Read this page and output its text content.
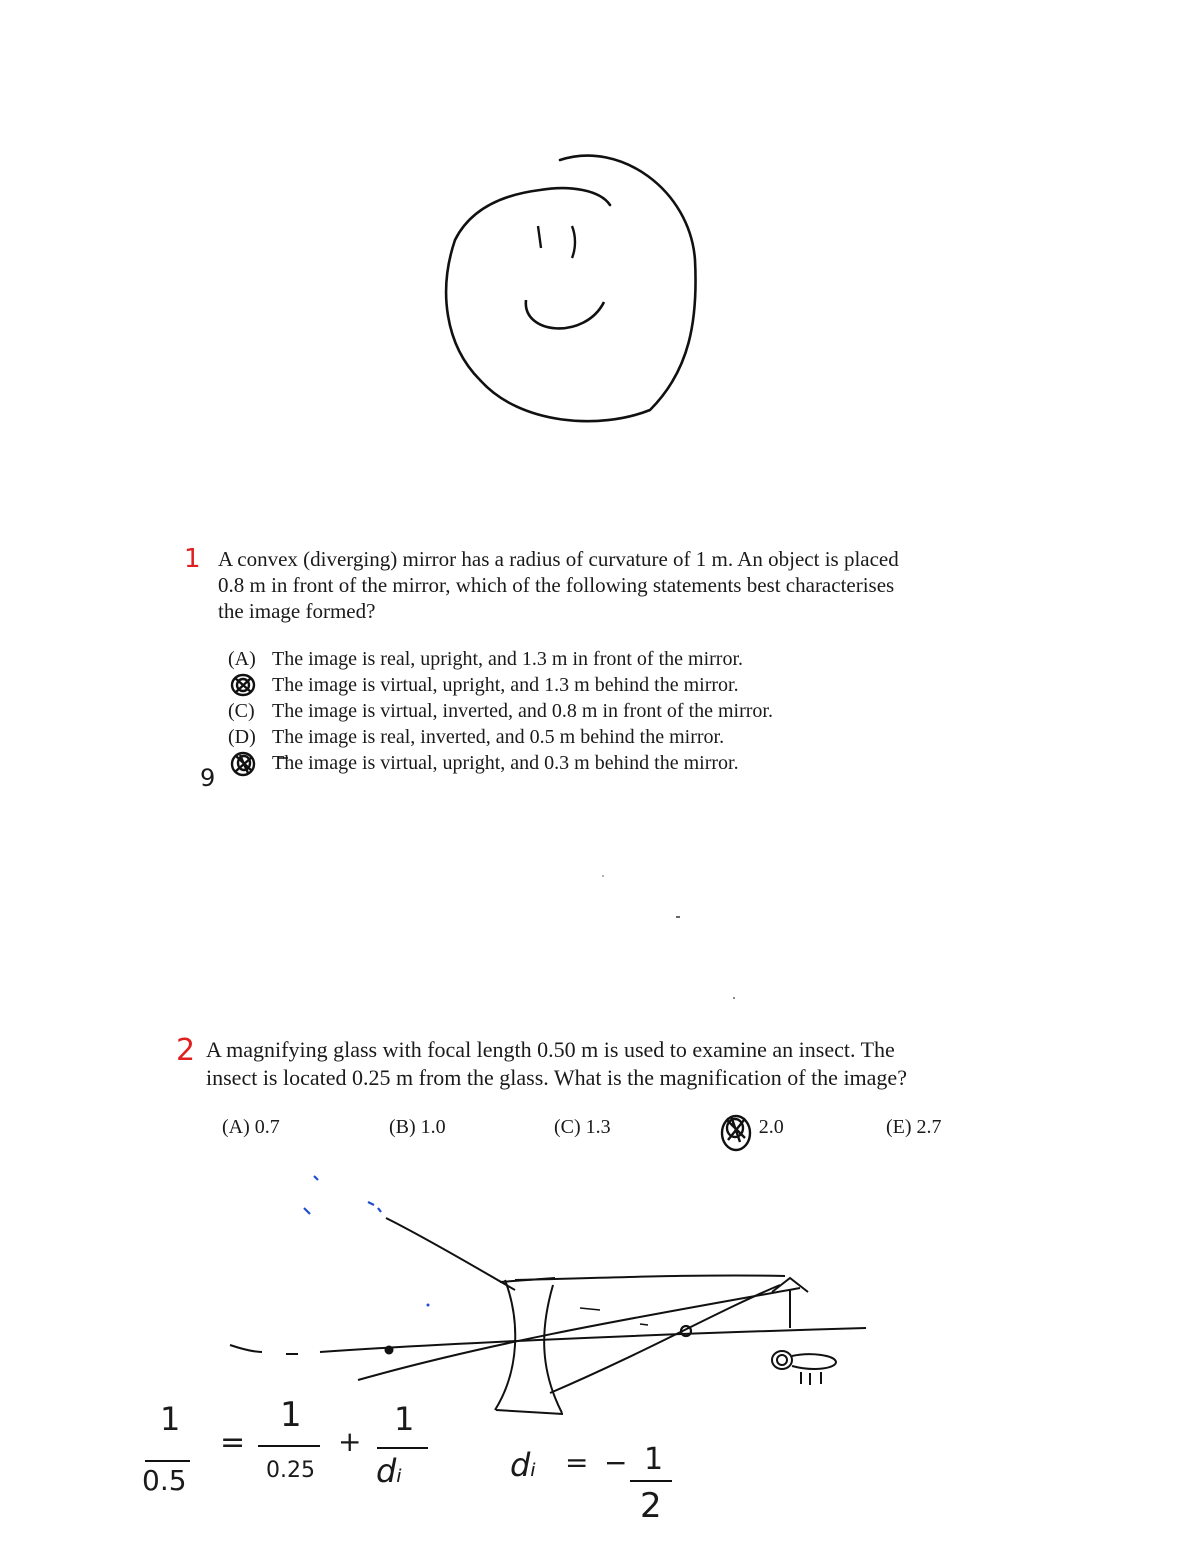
1 A convex (diverging) mirror has a radius of curvature of 1 m. An object is placed
0.8 m in front of the mirror, which of the following statements best characterises
the image formed?
(A) The image is real, upright, and 1.3 m in front of the mirror.
The image is virtual, upright, and 1.3 m behind the mirror.
(C) The image is virtual, inverted, and 0.8 m in front of the mirror.
(D) The image is real, inverted, and 0.5 m behind the mirror.
The image is virtual, upright, and 0.3 m behind the mirror.
9
2 A magnifying glass with focal length 0.50 m is used to examine an insect. The
insect is located 0.25 m from the glass. What is the magnification of the image?
(A) 0.7	(B) 1.0	(C) 1.3	2.0	(E) 2.7
1
0.5
=
1
0.25
+
1
dᵢ	dᵢ = − 1
2
